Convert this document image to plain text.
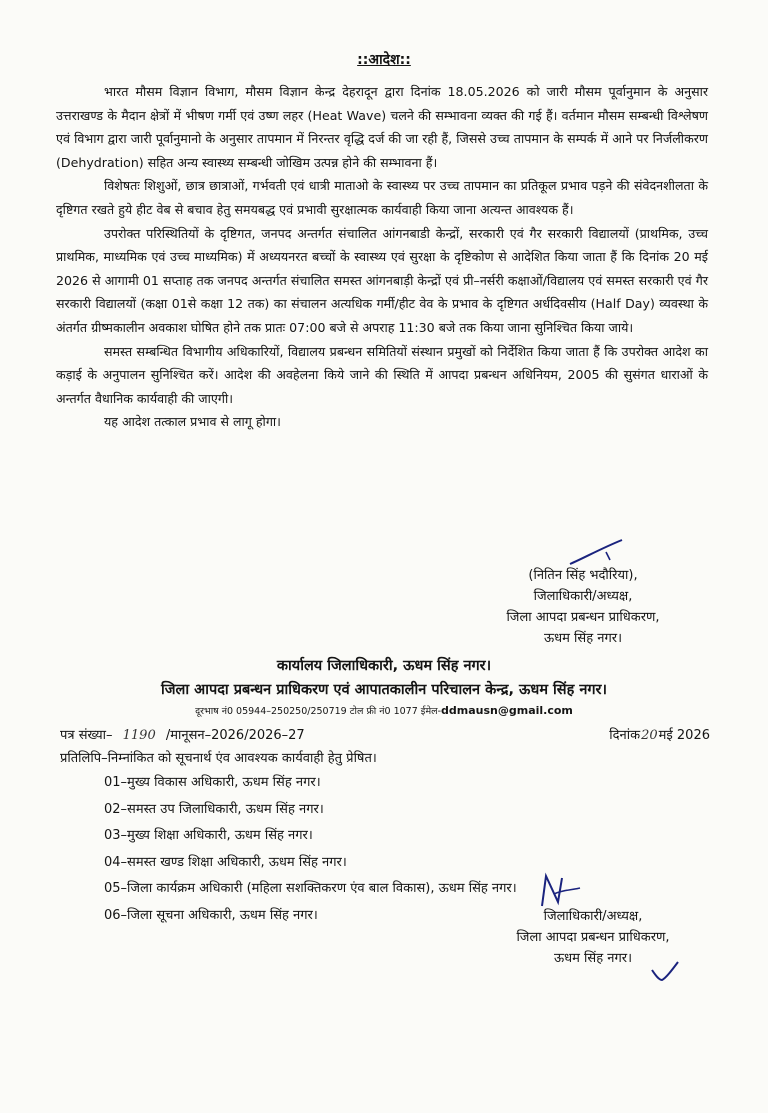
::आदेश::

भारत मौसम विज्ञान विभाग, मौसम विज्ञान केन्द्र देहरादून द्वारा दिनांक 18.05.2026 को जारी मौसम पूर्वानुमान के अनुसार उत्तराखण्ड के मैदान क्षेत्रों में भीषण गर्मी एवं उष्ण लहर (Heat Wave) चलने की सम्भावना व्यक्त की गई हैं। वर्तमान मौसम सम्बन्धी विश्लेषण एवं विभाग द्वारा जारी पूर्वानुमानो के अनुसार तापमान में निरन्तर वृद्धि दर्ज की जा रही हैं, जिससे उच्च तापमान के सम्पर्क में आने पर निर्जलीकरण (Dehydration) सहित अन्य स्वास्थ्य सम्बन्धी जोखिम उत्पन्न होने की सम्भावना हैं।

विशेषतः शिशुओं, छात्र छात्राओं, गर्भवती एवं धात्री माताओ के स्वास्थ्य पर उच्च तापमान का प्रतिकूल प्रभाव पड़ने की संवेदनशीलता के दृष्टिगत रखते हुये हीट वेब से बचाव हेतु समयबद्ध एवं प्रभावी सुरक्षात्मक कार्यवाही किया जाना अत्यन्त आवश्यक हैं।

उपरोक्त परिस्थितियों के दृष्टिगत, जनपद अन्तर्गत संचालित आंगनबाडी केन्द्रों, सरकारी एवं गैर सरकारी विद्यालयों (प्राथमिक, उच्च प्राथमिक, माध्यमिक एवं उच्च माध्यमिक) में अध्ययनरत बच्चों के स्वास्थ्य एवं सुरक्षा के दृष्टिकोण से आदेशित किया जाता हैं कि दिनांक 20 मई 2026 से आगामी 01 सप्ताह तक जनपद अन्तर्गत संचालित समस्त आंगनबाड़ी केन्द्रों एवं प्री–नर्सरी कक्षाओं/विद्यालय एवं समस्त सरकारी एवं गैर सरकारी विद्यालयों (कक्षा 01से कक्षा 12 तक) का संचालन अत्यधिक गर्मी/हीट वेव के प्रभाव के दृष्टिगत अर्धदिवसीय (Half Day) व्यवस्था के अंतर्गत ग्रीष्मकालीन अवकाश घोषित होने तक प्रातः 07:00 बजे से अपराह 11:30 बजे तक किया जाना सुनिश्चित किया जाये।

समस्त सम्बन्धित विभागीय अधिकारियों, विद्यालय प्रबन्धन समितियों संस्थान प्रमुखों को निर्देशित किया जाता हैं कि उपरोक्त आदेश का कड़ाई के अनुपालन सुनिश्चित करें। आदेश की अवहेलना किये जाने की स्थिति में आपदा प्रबन्धन अधिनियम, 2005 की सुसंगत धाराओं के अन्तर्गत वैधानिक कार्यवाही की जाएगी।

यह आदेश तत्काल प्रभाव से लागू होगा।

(नितिन सिंह भदौरिया),
जिलाधिकारी/अध्यक्ष,
जिला आपदा प्रबन्धन प्राधिकरण,
ऊधम सिंह नगर।
कार्यालय जिलाधिकारी, ऊधम सिंह नगर।
जिला आपदा प्रबन्धन प्राधिकरण एवं आपातकालीन परिचालन केन्द्र, ऊधम सिंह नगर।
दूरभाष नं0 05944–250250/250719 टोल फ्री नं0 1077 ईमेल-ddmausn@gmail.com
पत्र संख्या– 1190 /मानूसन–2026/2026–27	दिनांक20मई 2026
प्रतिलिपि–निम्नांकित को सूचनार्थ एंव आवश्यक कार्यवाही हेतु प्रेषित।
01–मुख्य विकास अधिकारी, ऊधम सिंह नगर।
02–समस्त उप जिलाधिकारी, ऊधम सिंह नगर।
03–मुख्य शिक्षा अधिकारी, ऊधम सिंह नगर।
04–समस्त खण्ड शिक्षा अधिकारी, ऊधम सिंह नगर।
05–जिला कार्यक्रम अधिकारी (महिला सशक्तिकरण एंव बाल विकास), ऊधम सिंह नगर।
06–जिला सूचना अधिकारी, ऊधम सिंह नगर।	जिलाधिकारी/अध्यक्ष,
जिला आपदा प्रबन्धन प्राधिकरण,
ऊधम सिंह नगर।
